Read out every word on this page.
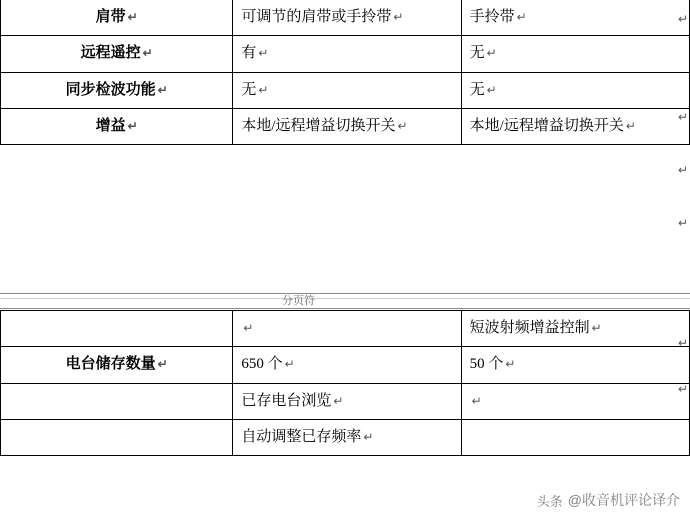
肩带 ↵	可调节的肩带或手拎带 ↵	手拎带 ↵
远程遥控 ↵	有 ↵	无 ↵
同步检波功能 ↵	无 ↵	无 ↵
增益 ↵	本地/远程增益切换开关 ↵	本地/远程增益切换开关 ↵
分页符
	↵	短波射频增益控制 ↵
电台储存数量 ↵	650 个 ↵	50 个 ↵
	已存电台浏览 ↵	↵
	自动调整已存频率 ↵	
↵
↵
↵
↵
↵
↵
头条 @收音机评论译介
